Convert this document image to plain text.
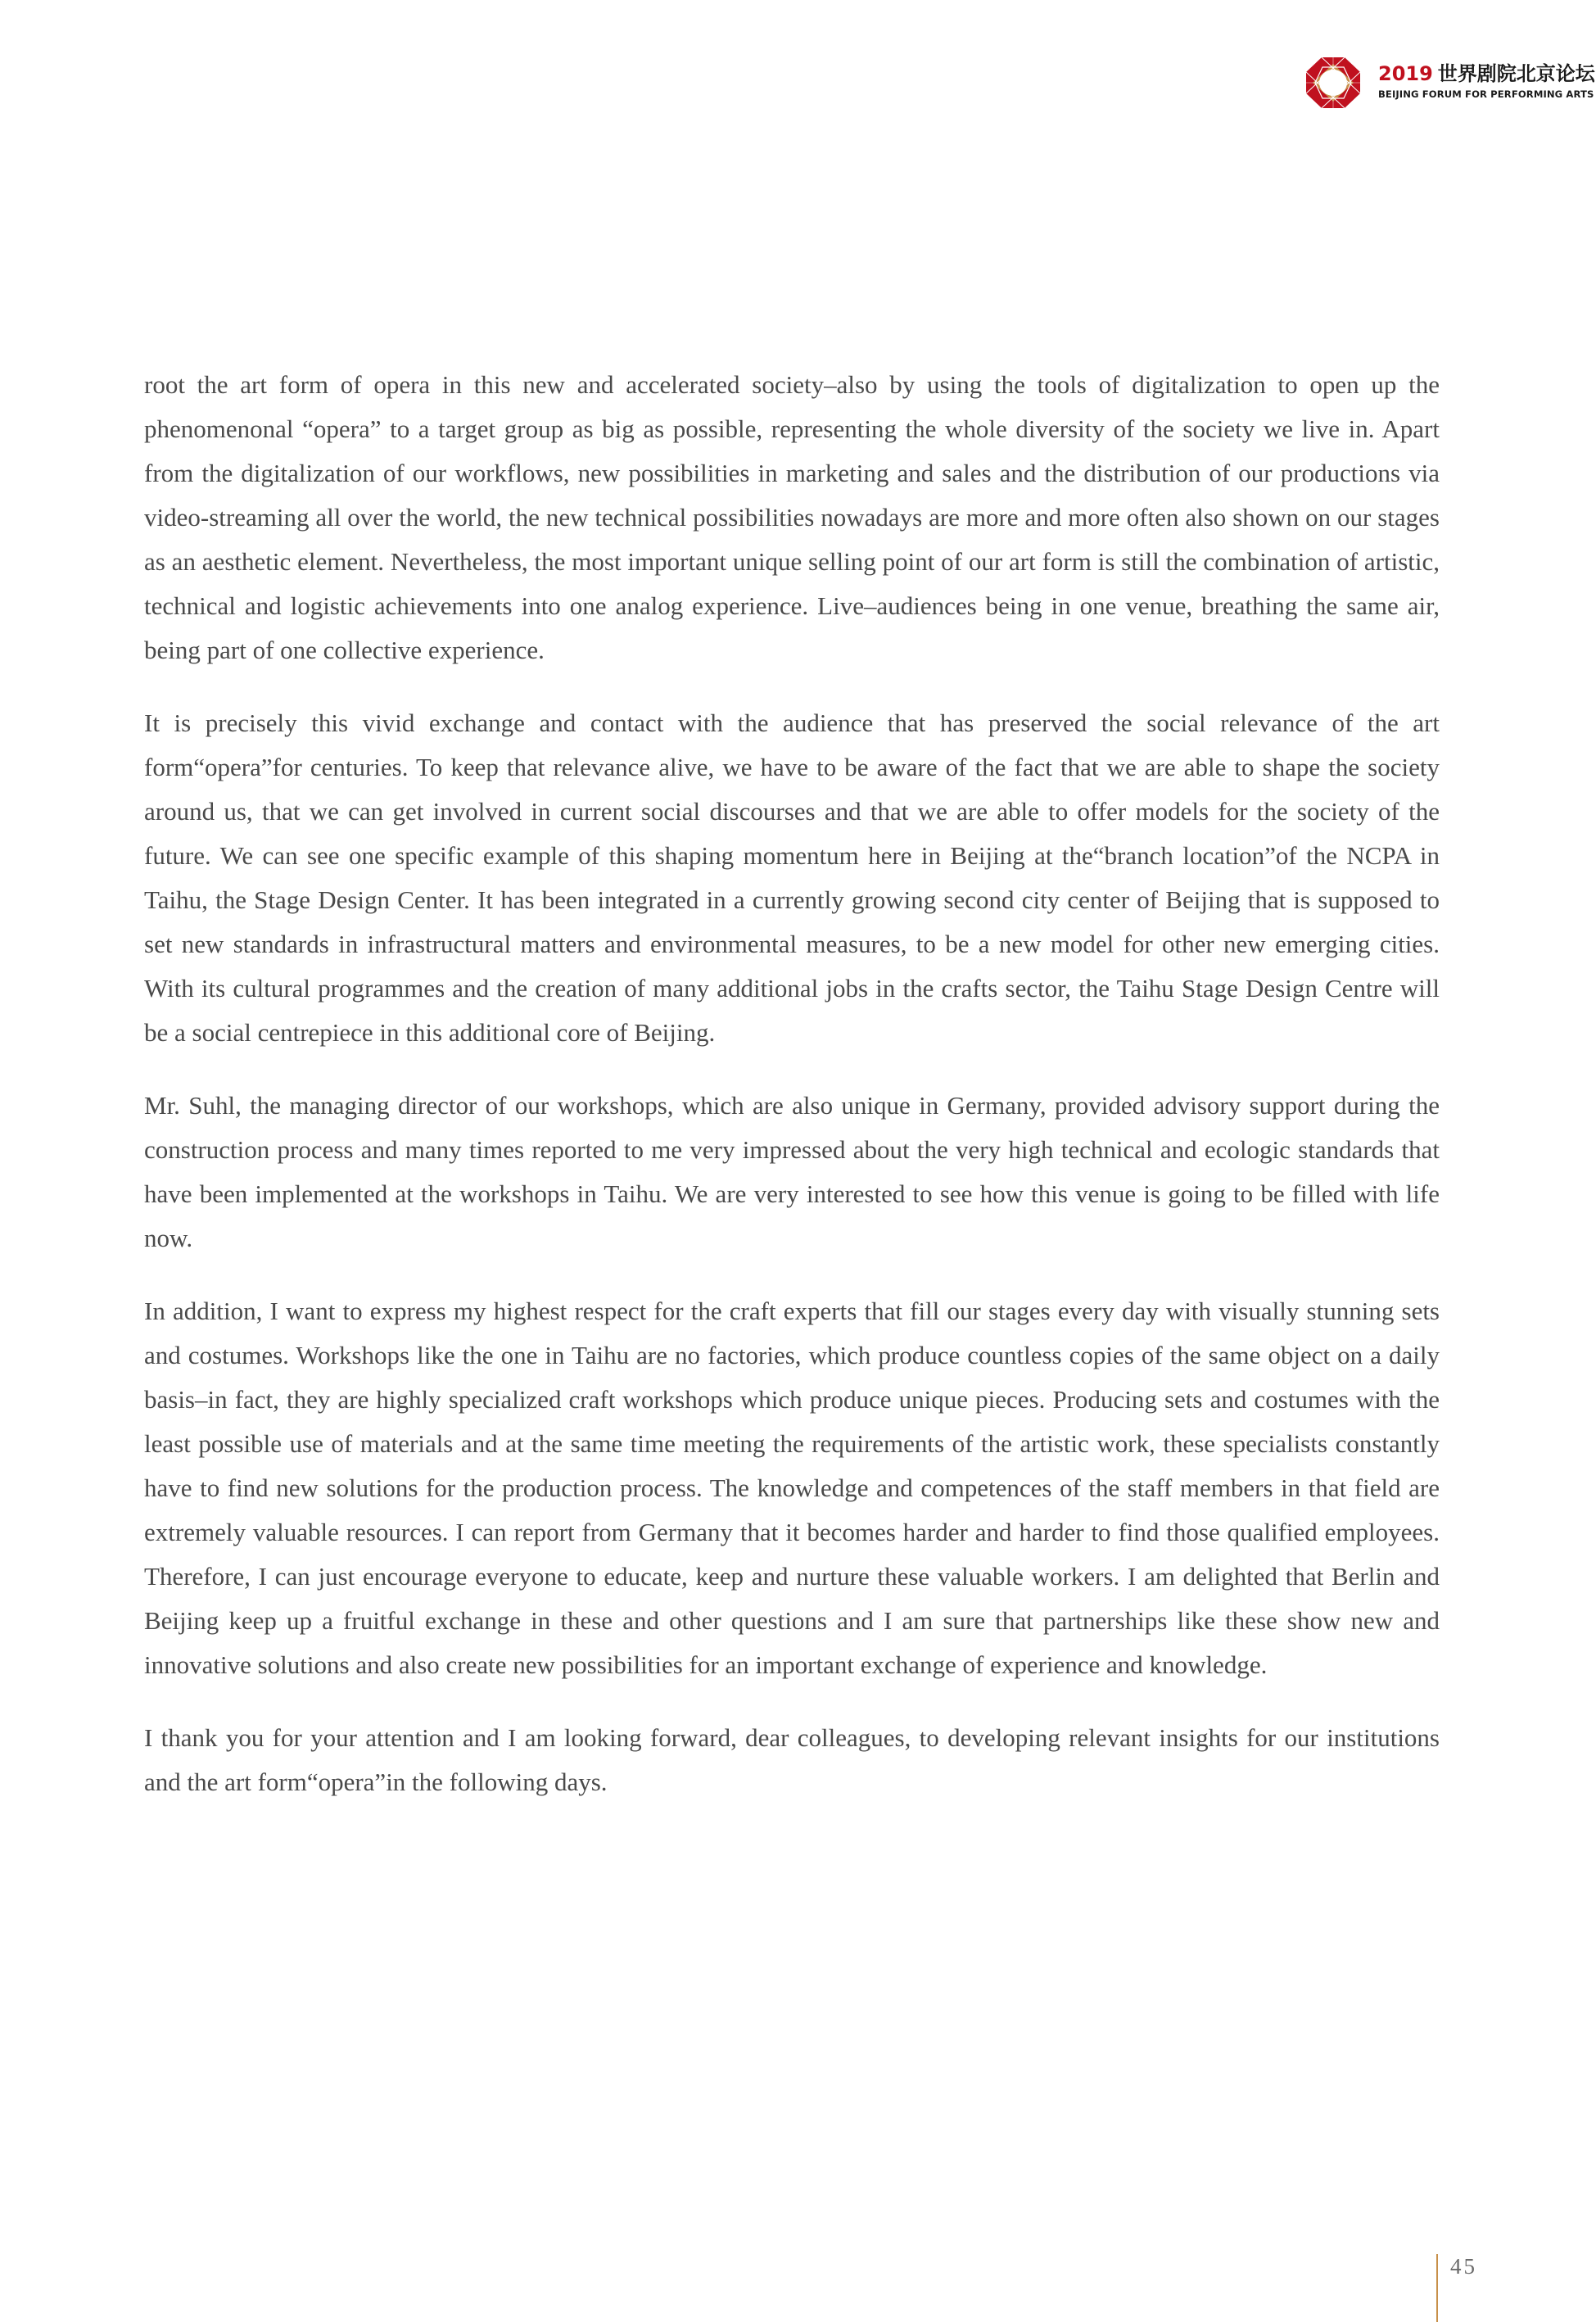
2019 世界剧院北京论坛
BEIJING FORUM FOR PERFORMING ARTS

root the art form of opera in this new and accelerated society–also by using the tools of digitalization to open up the phenomenonal “opera” to a target group as big as possible, representing the whole diversity of the society we live in. Apart from the digitalization of our workflows, new possibilities in marketing and sales and the distribution of our productions via video-streaming all over the world, the new technical possibilities nowadays are more and more often also shown on our stages as an aesthetic element. Nevertheless, the most important unique selling point of our art form is still the combination of artistic, technical and logistic achievements into one analog experience. Live–audiences being in one venue, breathing the same air, being part of one collective experience.

It is precisely this vivid exchange and contact with the audience that has preserved the social relevance of the art form“opera”for centuries. To keep that relevance alive, we have to be aware of the fact that we are able to shape the society around us, that we can get involved in current social discourses and that we are able to offer models for the society of the future. We can see one specific example of this shaping momentum here in Beijing at the“branch location”of the NCPA in Taihu, the Stage Design Center. It has been integrated in a currently growing second city center of Beijing that is supposed to set new standards in infrastructural matters and environmental measures, to be a new model for other new emerging cities. With its cultural programmes and the creation of many additional jobs in the crafts sector, the Taihu Stage Design Centre will be a social centrepiece in this additional core of Beijing.

Mr. Suhl, the managing director of our workshops, which are also unique in Germany, provided advisory support during the construction process and many times reported to me very impressed about the very high technical and ecologic standards that have been implemented at the workshops in Taihu. We are very interested to see how this venue is going to be filled with life now.

In addition, I want to express my highest respect for the craft experts that fill our stages every day with visually stunning sets and costumes. Workshops like the one in Taihu are no factories, which produce countless copies of the same object on a daily basis–in fact, they are highly specialized craft workshops which produce unique pieces. Producing sets and costumes with the least possible use of materials and at the same time meeting the requirements of the artistic work, these specialists constantly have to find new solutions for the production process. The knowledge and competences of the staff members in that field are extremely valuable resources. I can report from Germany that it becomes harder and harder to find those qualified employees. Therefore, I can just encourage everyone to educate, keep and nurture these valuable workers. I am delighted that Berlin and Beijing keep up a fruitful exchange in these and other questions and I am sure that partnerships like these show new and innovative solutions and also create new possibilities for an important exchange of experience and knowledge.

I thank you for your attention and I am looking forward, dear colleagues, to developing relevant insights for our institutions and the art form“opera”in the following days.

45
